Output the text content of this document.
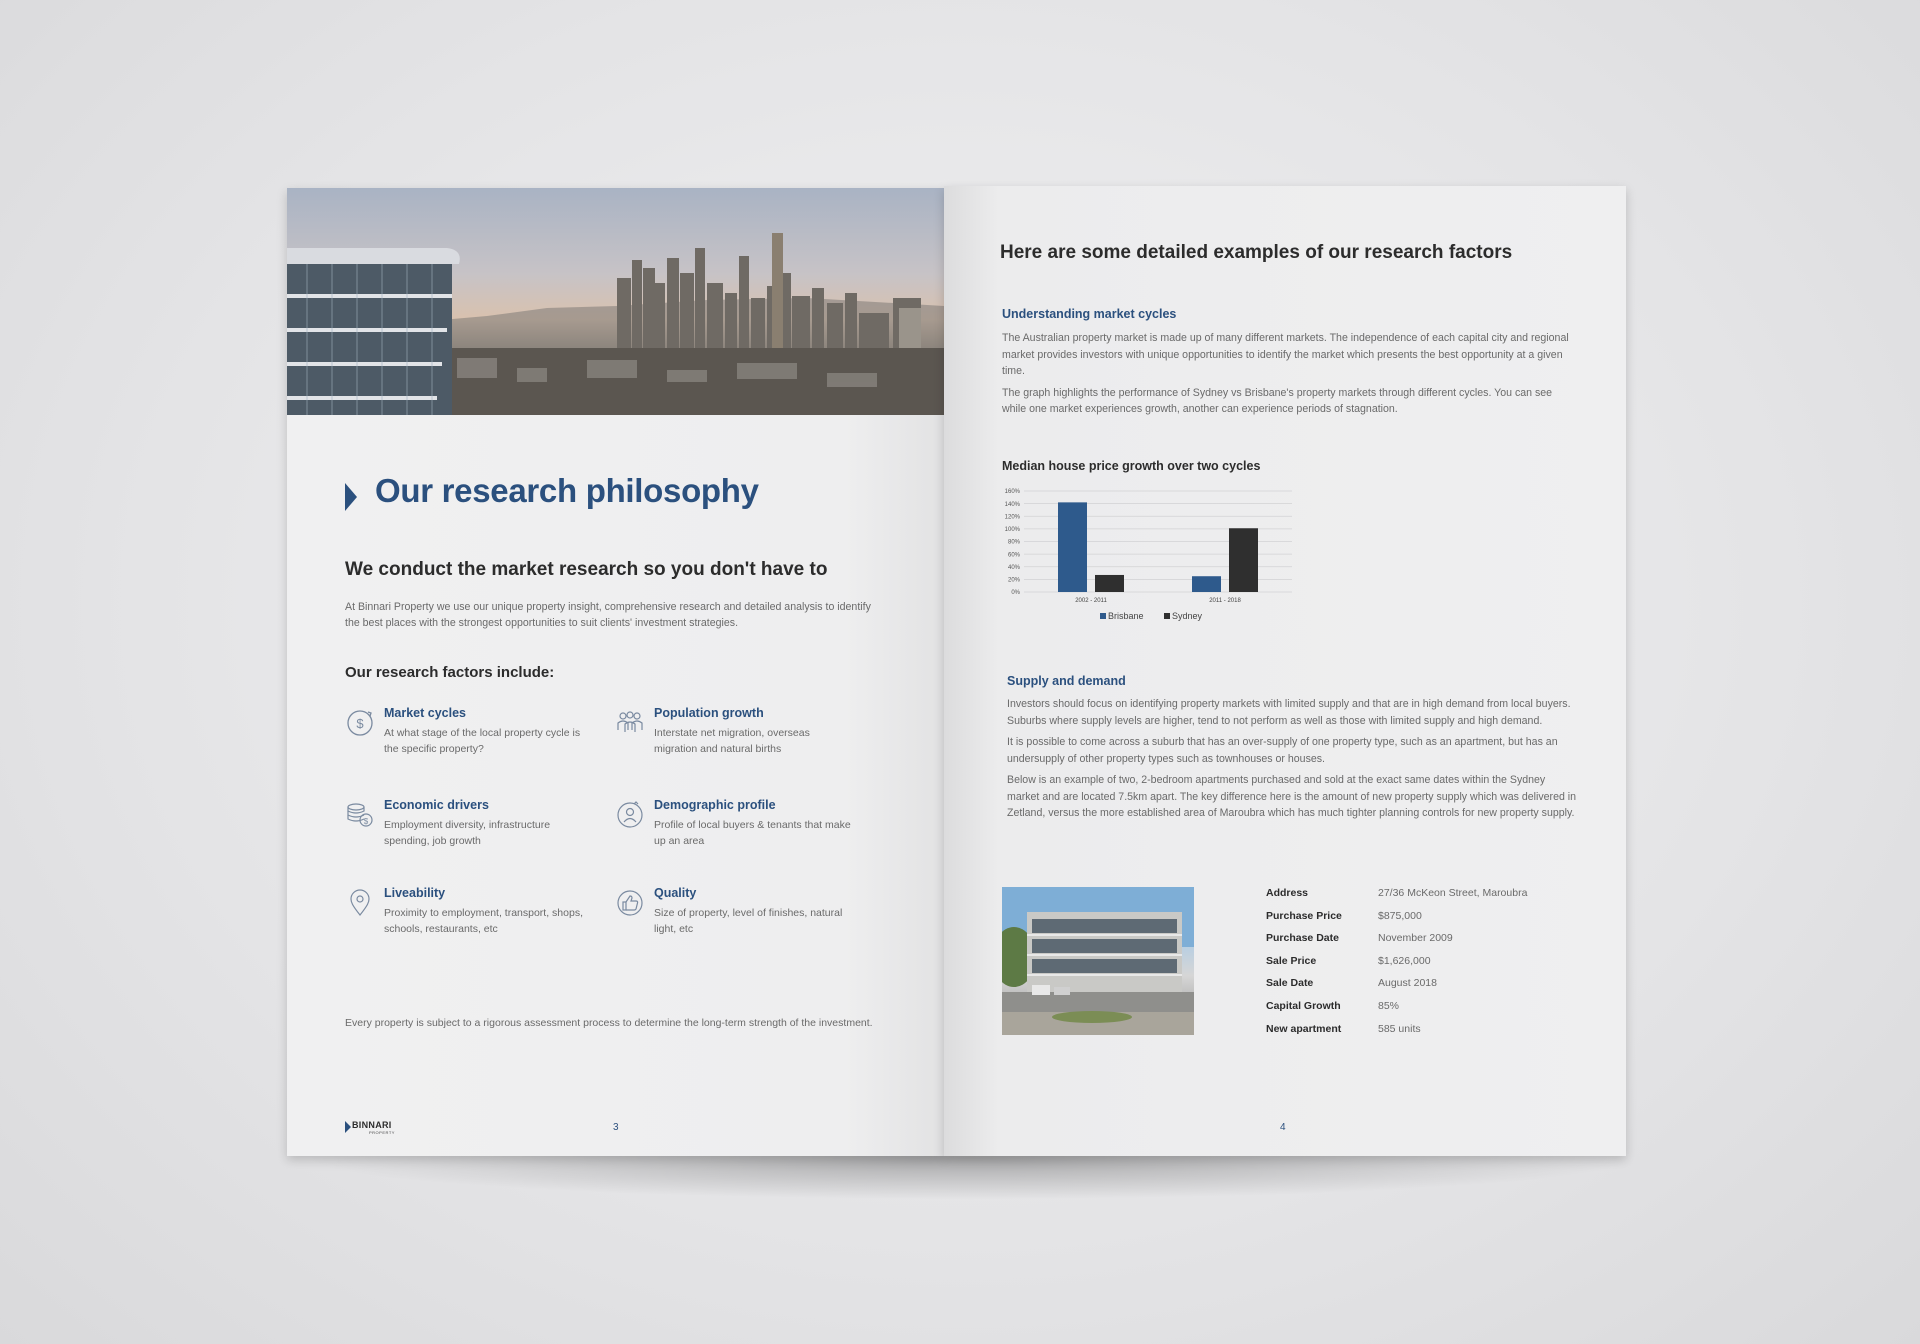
Our research philosophy
We conduct the market research so you don't have to
At Binnari Property we use our unique property insight, comprehensive research and detailed analysis to identify the best places with the strongest opportunities to suit clients' investment strategies.
Our research factors include:
$
Market cycles
At what stage of the local property cycle is the specific property?
Population growth
Interstate net migration, overseas migration and natural births
$
Economic drivers
Employment diversity, infrastructure spending, job growth
Demographic profile
Profile of local buyers & tenants that make up an area
Liveability
Proximity to employment, transport, shops, schools, restaurants, etc
Quality
Size of property, level of finishes, natural light, etc
Every property is subject to a rigorous assessment process to determine the long-term strength of the investment.
BINNARI
PROPERTY	3
Here are some detailed examples of our research factors
Understanding market cycles

The Australian property market is made up of many different markets. The independence of each capital city and regional market provides investors with unique opportunities to identify the market which presents the best opportunity at a given time.

The graph highlights the performance of Sydney vs Brisbane's property markets through different cycles. You can see while one market experiences growth, another can experience periods of stagnation.

Median house price growth over two cycles
0%
20%
40%
60%
80%
100%
120%
140%
160%
2002 - 2011	2011 - 2018
Brisbane	Sydney
Supply and demand

Investors should focus on identifying property markets with limited supply and that are in high demand from local buyers. Suburbs where supply levels are higher, tend to not perform as well as those with limited supply and high demand.

It is possible to come across a suburb that has an over-supply of one property type, such as an apartment, but has an undersupply of other property types such as townhouses or houses.

Below is an example of two, 2-bedroom apartments purchased and sold at the exact same dates within the Sydney market and are located 7.5km apart. The key difference here is the amount of new property supply which was delivered in Zetland, versus the more established area of Maroubra which has much tighter planning controls for new property supply.

Address	27/36 McKeon Street, Maroubra
Purchase Price	$875,000
Purchase Date	November 2009
Sale Price	$1,626,000
Sale Date	August 2018
Capital Growth	85%
New apartment	585 units
4
